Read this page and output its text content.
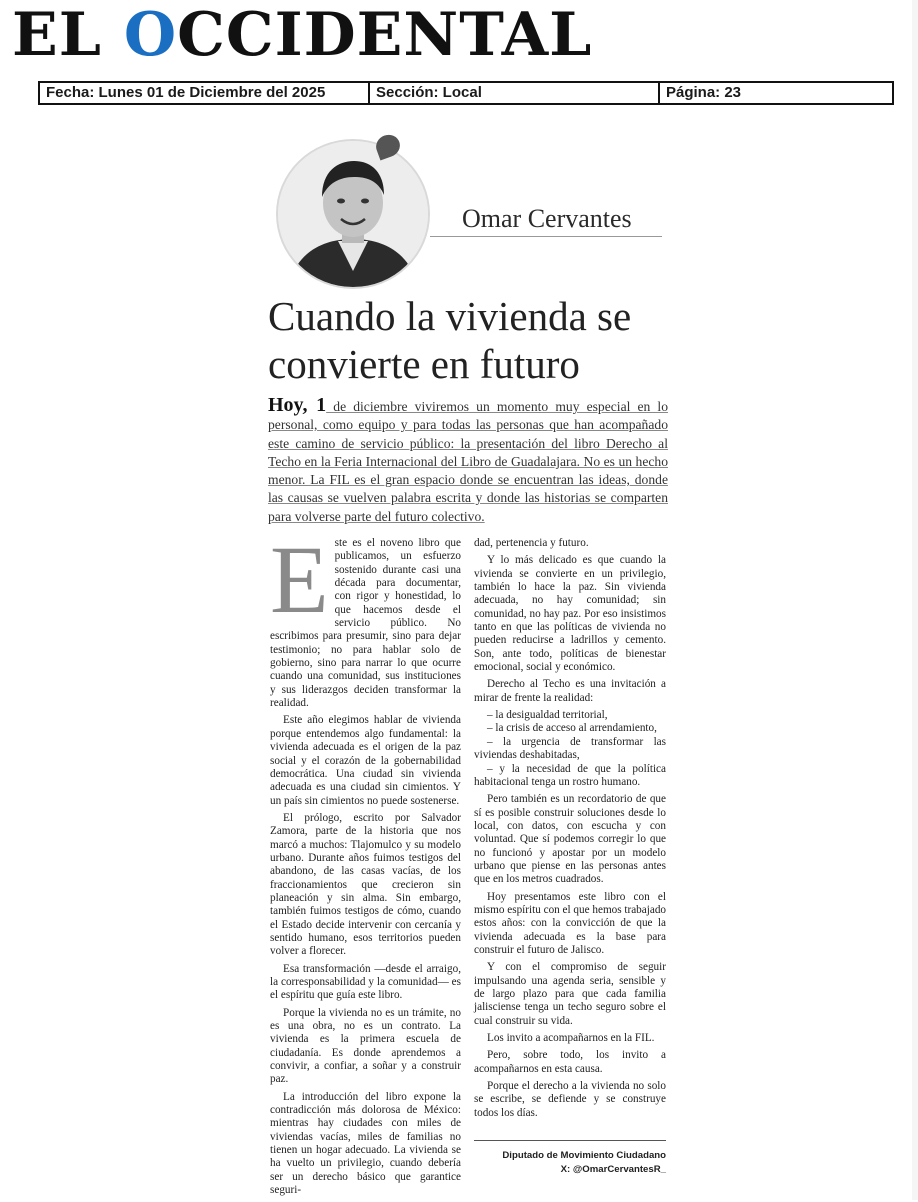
EL OCCIDENTAL
Fecha: Lunes 01 de Diciembre del 2025	Sección: Local	Página: 23
Omar Cervantes
Cuando la vivienda se convierte en futuro
Hoy, 1 de diciembre viviremos un momento muy especial en lo personal, como equipo y para todas las personas que han acompañado este camino de servicio público: la presentación del libro Derecho al Techo en la Feria Internacional del Libro de Guadalajara. No es un hecho menor. La FIL es el gran espacio donde se encuentran las ideas, donde las causas se vuelven palabra escrita y donde las historias se comparten para volverse parte del futuro colectivo.

Este es el noveno libro que publicamos, un esfuerzo sostenido durante casi una década para documentar, con rigor y honestidad, lo que hacemos desde el servicio público. No escribimos para presumir, sino para dejar testimonio; no para hablar solo de gobierno, sino para narrar lo que ocurre cuando una comunidad, sus instituciones y sus liderazgos deciden transformar la realidad.

Este año elegimos hablar de vivienda porque entendemos algo fundamental: la vivienda adecuada es el origen de la paz social y el corazón de la gobernabilidad democrática. Una ciudad sin vivienda adecuada es una ciudad sin cimientos. Y un país sin cimientos no puede sostenerse.

El prólogo, escrito por Salvador Zamora, parte de la historia que nos marcó a muchos: Tlajomulco y su modelo urbano. Durante años fuimos testigos del abandono, de las casas vacías, de los fraccionamientos que crecieron sin planeación y sin alma. Sin embargo, también fuimos testigos de cómo, cuando el Estado decide intervenir con cercanía y sentido humano, esos territorios pueden volver a florecer.

Esa transformación —desde el arraigo, la corresponsabilidad y la comunidad— es el espíritu que guía este libro.

Porque la vivienda no es un trámite, no es una obra, no es un contrato. La vivienda es la primera escuela de ciudadanía. Es donde aprendemos a convivir, a confiar, a soñar y a construir paz.

La introducción del libro expone la contradicción más dolorosa de México: mientras hay ciudades con miles de viviendas vacías, miles de familias no tienen un hogar adecuado. La vivienda se ha vuelto un privilegio, cuando debería ser un derecho básico que garantice seguri-

dad, pertenencia y futuro.

Y lo más delicado es que cuando la vivienda se convierte en un privilegio, también lo hace la paz. Sin vivienda adecuada, no hay comunidad; sin comunidad, no hay paz. Por eso insistimos tanto en que las políticas de vivienda no pueden reducirse a ladrillos y cemento. Son, ante todo, políticas de bienestar emocional, social y económico.

Derecho al Techo es una invitación a mirar de frente la realidad:

– la desigualdad territorial,

– la crisis de acceso al arrendamiento,

– la urgencia de transformar las viviendas deshabitadas,

– y la necesidad de que la política habitacional tenga un rostro humano.

Pero también es un recordatorio de que sí es posible construir soluciones desde lo local, con datos, con escucha y con voluntad. Que sí podemos corregir lo que no funcionó y apostar por un modelo urbano que piense en las personas antes que en los metros cuadrados.

Hoy presentamos este libro con el mismo espíritu con el que hemos trabajado estos años: con la convicción de que la vivienda adecuada es la base para construir el futuro de Jalisco.

Y con el compromiso de seguir impulsando una agenda seria, sensible y de largo plazo para que cada familia jalisciense tenga un techo seguro sobre el cual construir su vida.

Los invito a acompañarnos en la FIL.

Pero, sobre todo, los invito a acompañarnos en esta causa.

Porque el derecho a la vivienda no solo se escribe, se defiende y se construye todos los días.

Diputado de Movimiento Ciudadano
X: @OmarCervantesR_
